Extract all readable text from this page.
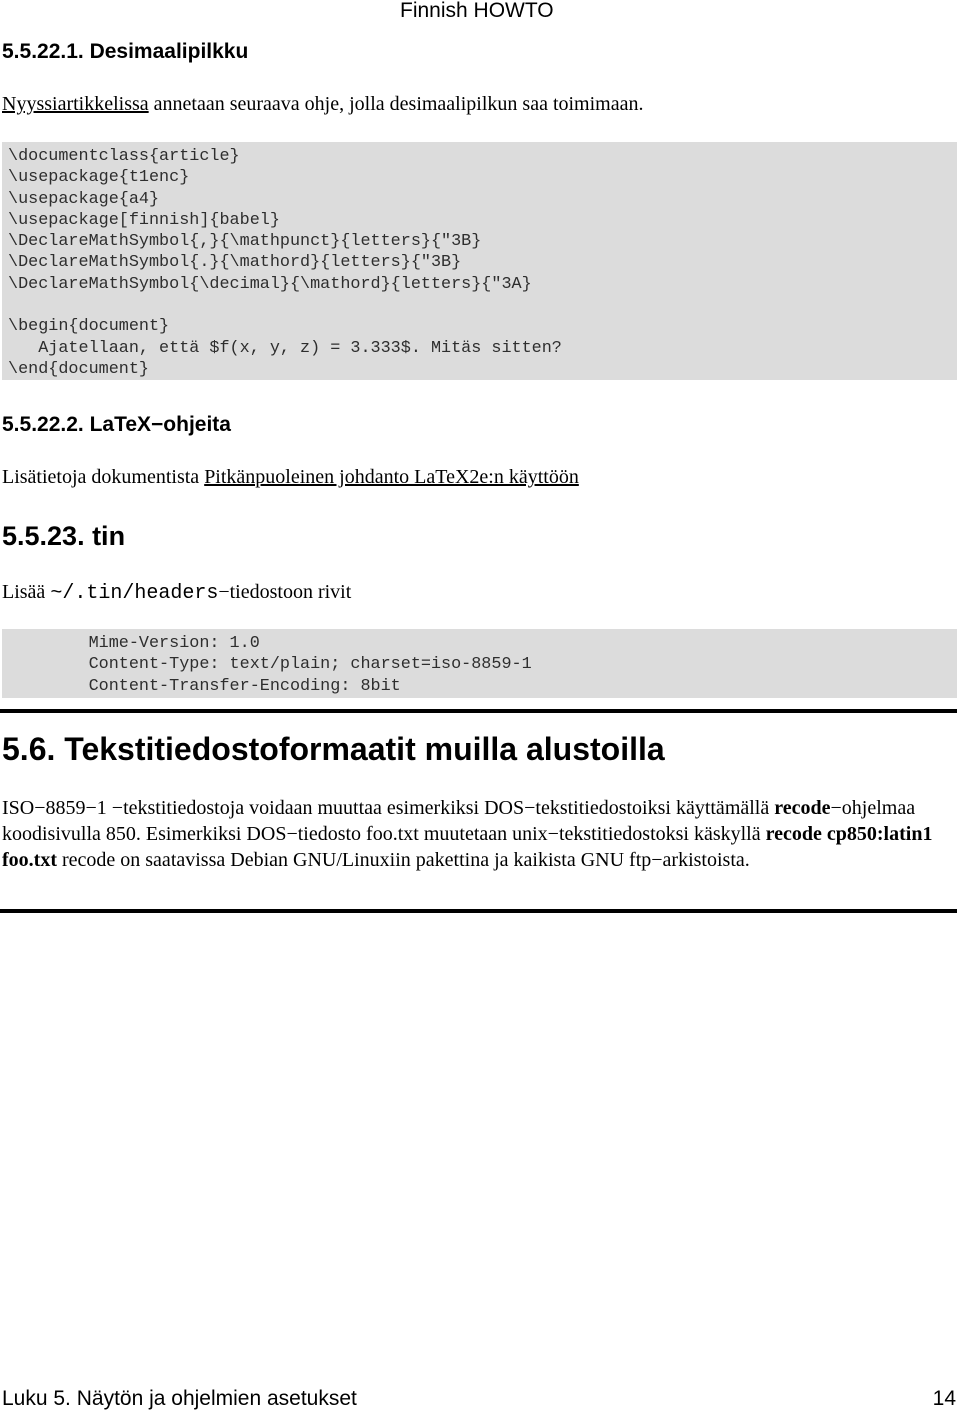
Finnish HOWTO
5.5.22.1. Desimaalipilkku
Nyyssiartikkelissa annetaan seuraava ohje, jolla desimaalipilkun saa toimimaan.
\documentclass{article}
\usepackage{t1enc}
\usepackage{a4}
\usepackage[finnish]{babel}
\DeclareMathSymbol{,}{\mathpunct}{letters}{"3B}
\DeclareMathSymbol{.}{\mathord}{letters}{"3B}
\DeclareMathSymbol{\decimal}{\mathord}{letters}{"3A}

\begin{document}
Ajatellaan, että $f(x, y, z) = 3.333$. Mitäs sitten?
\end{document}
5.5.22.2. LaTeX−ohjeita
Lisätietoja dokumentista Pitkänpuoleinen johdanto LaTeX2e:n käyttöön
5.5.23. tin
Lisää ~/.tin/headers−tiedostoon rivit
Mime-Version: 1.0
Content-Type: text/plain; charset=iso-8859-1
Content-Transfer-Encoding: 8bit
5.6. Tekstitiedostoformaatit muilla alustoilla
ISO−8859−1 −tekstitiedostoja voidaan muuttaa esimerkiksi DOS−tekstitiedostoiksi käyttämällä recode−ohjelmaa koodisivulla 850. Esimerkiksi DOS−tiedosto foo.txt muutetaan unix−tekstitiedostoksi käskyllä recode cp850:latin1 foo.txt recode on saatavissa Debian GNU/Linuxiin pakettina ja kaikista GNU ftp−arkistoista.
Luku 5. Näytön ja ohjelmien asetukset	14
